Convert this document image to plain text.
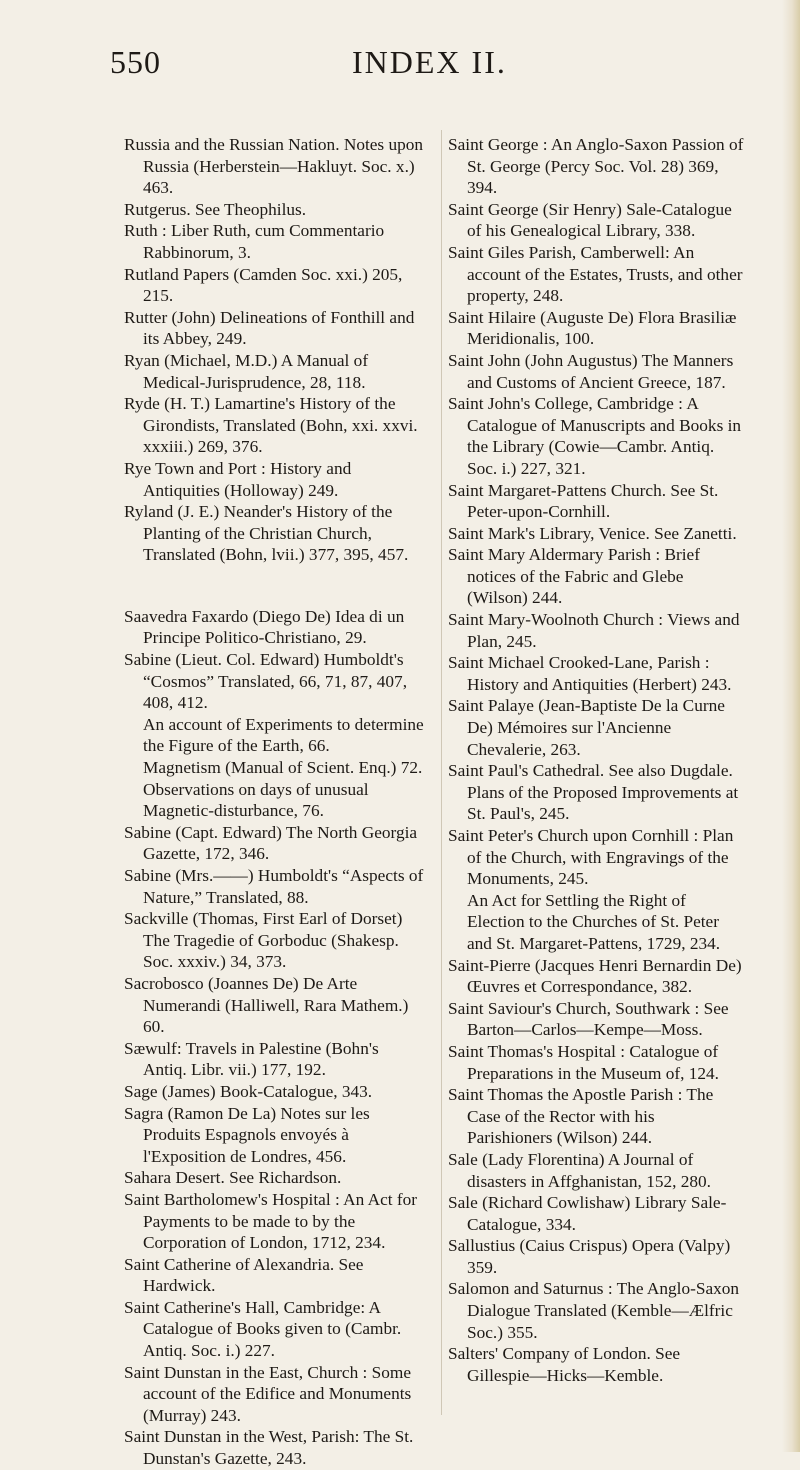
550	INDEX II.
Russia and the Russian Nation. Notes upon Russia (Herberstein—Hakluyt. Soc. x.) 463.
Rutgerus. See Theophilus.
Ruth : Liber Ruth, cum Commentario Rabbinorum, 3.
Rutland Papers (Camden Soc. xxi.) 205, 215.
Rutter (John) Delineations of Fonthill and its Abbey, 249.
Ryan (Michael, M.D.) A Manual of Medical-Jurisprudence, 28, 118.
Ryde (H. T.) Lamartine's History of the Girondists, Translated (Bohn, xxi. xxvi. xxxiii.) 269, 376.
Rye Town and Port : History and Antiquities (Holloway) 249.
Ryland (J. E.) Neander's History of the Planting of the Christian Church, Translated (Bohn, lvii.) 377, 395, 457.
Saavedra Faxardo (Diego De) Idea di un Principe Politico-Christiano, 29.
Sabine (Lieut. Col. Edward) Humboldt's “Cosmos” Translated, 66, 71, 87, 407, 408, 412.
An account of Experiments to determine the Figure of the Earth, 66.
Magnetism (Manual of Scient. Enq.) 72.
Observations on days of unusual Magnetic-disturbance, 76.
Sabine (Capt. Edward) The North Georgia Gazette, 172, 346.
Sabine (Mrs.——) Humboldt's “Aspects of Nature,” Translated, 88.
Sackville (Thomas, First Earl of Dorset) The Tragedie of Gorboduc (Shakesp. Soc. xxxiv.) 34, 373.
Sacrobosco (Joannes De) De Arte Numerandi (Halliwell, Rara Mathem.) 60.
Sæwulf: Travels in Palestine (Bohn's Antiq. Libr. vii.) 177, 192.
Sage (James) Book-Catalogue, 343.
Sagra (Ramon De La) Notes sur les Produits Espagnols envoyés à l'Exposition de Londres, 456.
Sahara Desert. See Richardson.
Saint Bartholomew's Hospital : An Act for Payments to be made to by the Corporation of London, 1712, 234.
Saint Catherine of Alexandria. See Hardwick.
Saint Catherine's Hall, Cambridge: A Catalogue of Books given to (Cambr. Antiq. Soc. i.) 227.
Saint Dunstan in the East, Church : Some account of the Edifice and Monuments (Murray) 243.
Saint Dunstan in the West, Parish: The St. Dunstan's Gazette, 243.
Saint George : An Anglo-Saxon Passion of St. George (Percy Soc. Vol. 28) 369, 394.
Saint George (Sir Henry) Sale-Catalogue of his Genealogical Library, 338.
Saint Giles Parish, Camberwell: An account of the Estates, Trusts, and other property, 248.
Saint Hilaire (Auguste De) Flora Brasiliæ Meridionalis, 100.
Saint John (John Augustus) The Manners and Customs of Ancient Greece, 187.
Saint John's College, Cambridge : A Catalogue of Manuscripts and Books in the Library (Cowie—Cambr. Antiq. Soc. i.) 227, 321.
Saint Margaret-Pattens Church. See St. Peter-upon-Cornhill.
Saint Mark's Library, Venice. See Zanetti.
Saint Mary Aldermary Parish : Brief notices of the Fabric and Glebe (Wilson) 244.
Saint Mary-Woolnoth Church : Views and Plan, 245.
Saint Michael Crooked-Lane, Parish : History and Antiquities (Herbert) 243.
Saint Palaye (Jean-Baptiste De la Curne De) Mémoires sur l'Ancienne Chevalerie, 263.
Saint Paul's Cathedral. See also Dugdale. Plans of the Proposed Improvements at St. Paul's, 245.
Saint Peter's Church upon Cornhill : Plan of the Church, with Engravings of the Monuments, 245.
An Act for Settling the Right of Election to the Churches of St. Peter and St. Margaret-Pattens, 1729, 234.
Saint-Pierre (Jacques Henri Bernardin De) Œuvres et Correspondance, 382.
Saint Saviour's Church, Southwark : See Barton—Carlos—Kempe—Moss.
Saint Thomas's Hospital : Catalogue of Preparations in the Museum of, 124.
Saint Thomas the Apostle Parish : The Case of the Rector with his Parishioners (Wilson) 244.
Sale (Lady Florentina) A Journal of disasters in Affghanistan, 152, 280.
Sale (Richard Cowlishaw) Library Sale-Catalogue, 334.
Sallustius (Caius Crispus) Opera (Valpy) 359.
Salomon and Saturnus : The Anglo-Saxon Dialogue Translated (Kemble—Ælfric Soc.) 355.
Salters' Company of London. See Gillespie—Hicks—Kemble.
